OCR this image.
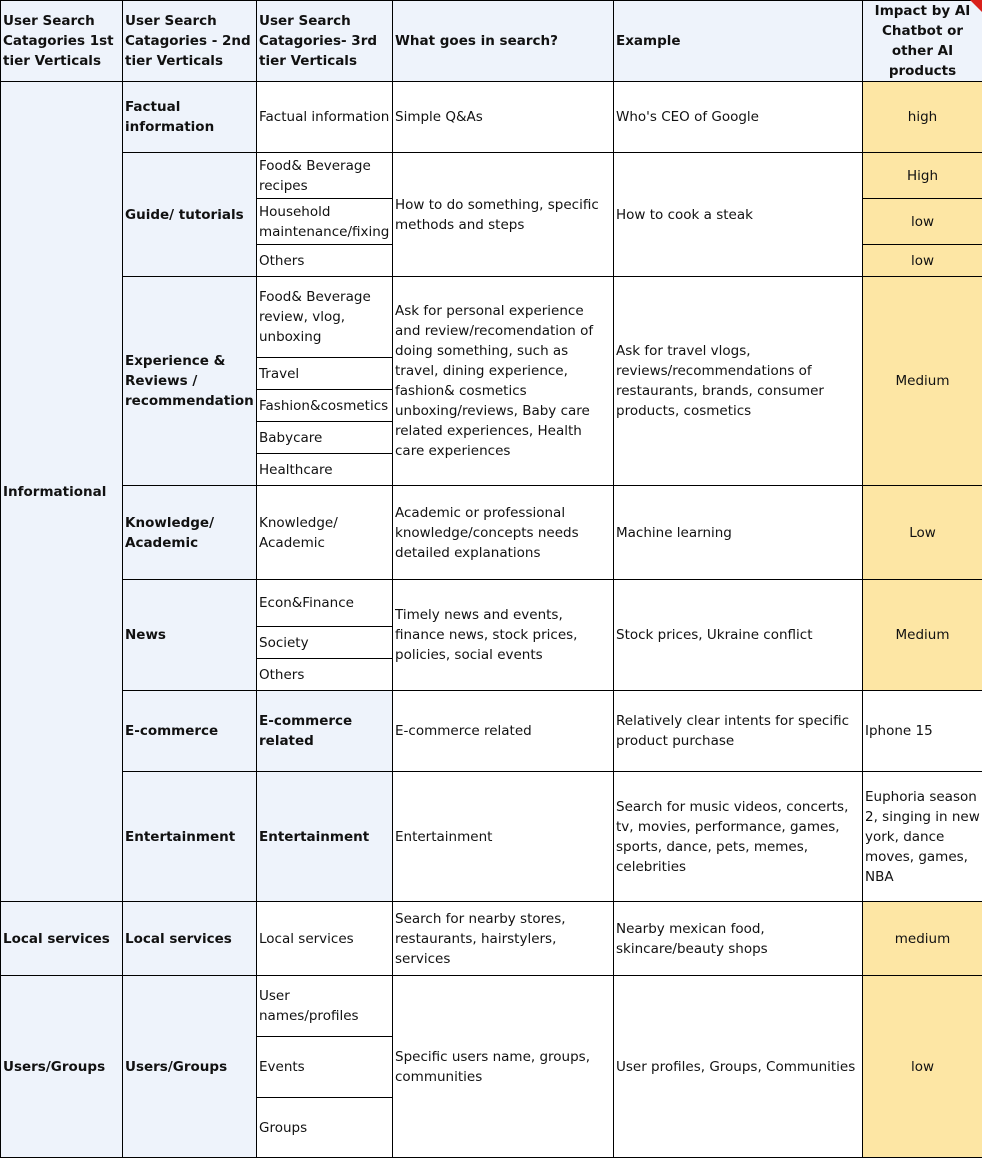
User Search Catagories 1st tier Verticals	User Search Catagories - 2nd tier Verticals	User Search Catagories- 3rd tier Verticals	What goes in search?	Example	Impact by AI Chatbot or other AI products	
Informational	Factual information	Factual information	Simple Q&As	Who's CEO of Google	high	
	Guide/ tutorials	Food& Beverage recipes	How to do something, specific methods and steps	How to cook a steak	High	
		Household maintenance/fixing			low	
		Others			low	
	Experience & Reviews / recommendation	Food& Beverage review, vlog, unboxing	Ask for personal experience and review/recomendation of doing something, such as travel, dining experience, fashion& cosmetics unboxing/reviews, Baby care related experiences, Health care experiences	Ask for travel vlogs, reviews/recommendations of restaurants, brands, consumer products, cosmetics	Medium	
		Travel				
		Fashion&cosmetics				
		Babycare				
		Healthcare				
	Knowledge/ Academic	Knowledge/ Academic	Academic or professional knowledge/concepts needs detailed explanations	Machine learning	Low	
	News	Econ&Finance	Timely news and events, finance news, stock prices, policies, social events	Stock prices, Ukraine conflict	Medium	
		Society				
		Others				
	E-commerce	E-commerce related	E-commerce related	Relatively clear intents for specific product purchase	Iphone 15	
	Entertainment	Entertainment	Entertainment	Search for music videos, concerts, tv, movies, performance, games, sports, dance, pets, memes, celebrities	Euphoria season 2, singing in new york, dance moves, games, NBA	
Local services	Local services	Local services	Search for nearby stores, restaurants, hairstylers, services	Nearby mexican food, skincare/beauty shops	medium	
Users/Groups	Users/Groups	User names/profiles	Specific users name, groups, communities	User profiles, Groups, Communities	low	
		Events				
		Groups				
